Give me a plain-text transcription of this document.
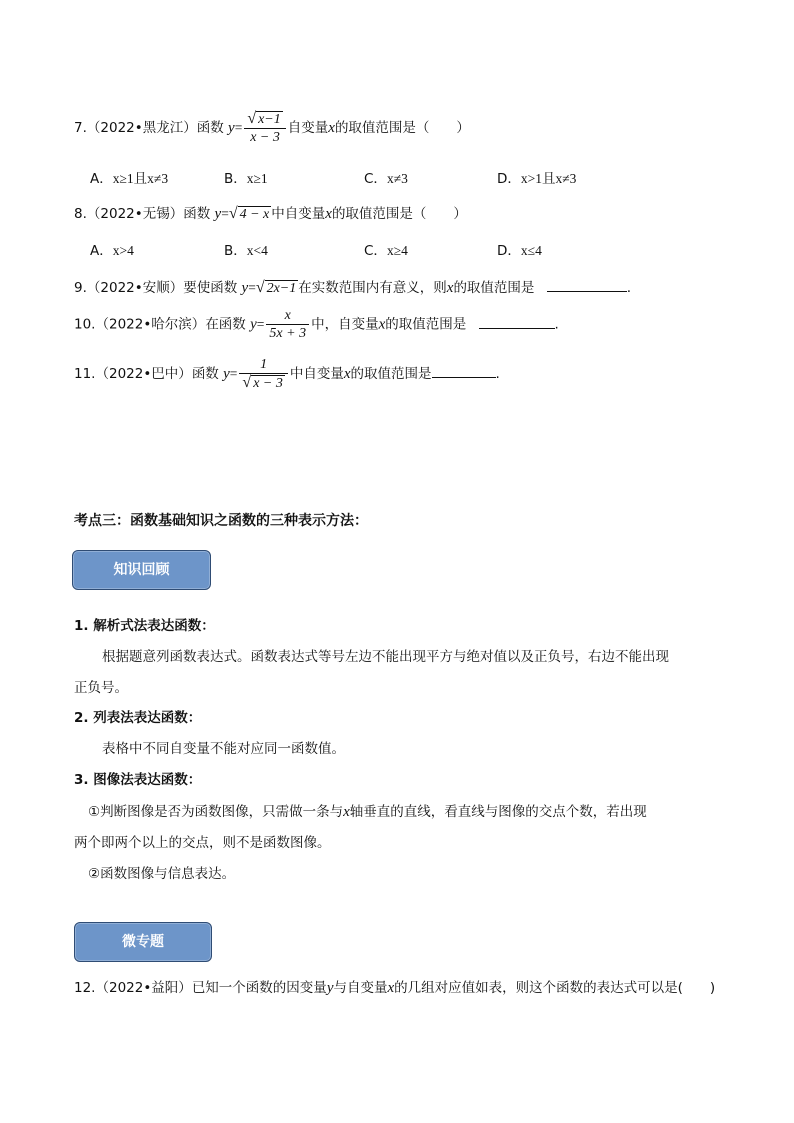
7.（2022•黑龙江）函数 $y= \frac{√ x-1}{x - 3}$ 自变量x的取值范围是（　　）
A．x≥1且x≠3	B．x≥1	C．x≠3	D．x>1且x≠3
8.（2022•无锡）函数 y=√ 4 − x 中自变量x的取值范围是（　　）
A．x>4	B．x<4	C．x≥4	D．x≤4
9.（2022•安顺）要使函数 y=√ 2x−1 在实数范围内有意义，则x的取值范围是	.
10.（2022•哈尔滨）在函数 $y= \frac{x}{5x + 3}$ 中，自变量x的取值范围是	.
11.（2022•巴中）函数 $y= \frac{1}{√ x - 3}$ 中自变量x的取值范围是	.
考点三：函数基础知识之函数的三种表示方法：
知识回顾
1. 解析式法表达函数：
根据题意列函数表达式。函数表达式等号左边不能出现平方与绝对值以及正负号，右边不能出现
正负号。
2. 列表法表达函数：
表格中不同自变量不能对应同一函数值。
3. 图像法表达函数：
①判断图像是否为函数图像，只需做一条与x轴垂直的直线，看直线与图像的交点个数，若出现
两个即两个以上的交点，则不是函数图像。
②函数图像与信息表达。
微专题
12.（2022•益阳）已知一个函数的因变量y与自变量x的几组对应值如表，则这个函数的表达式可以是(　　)
